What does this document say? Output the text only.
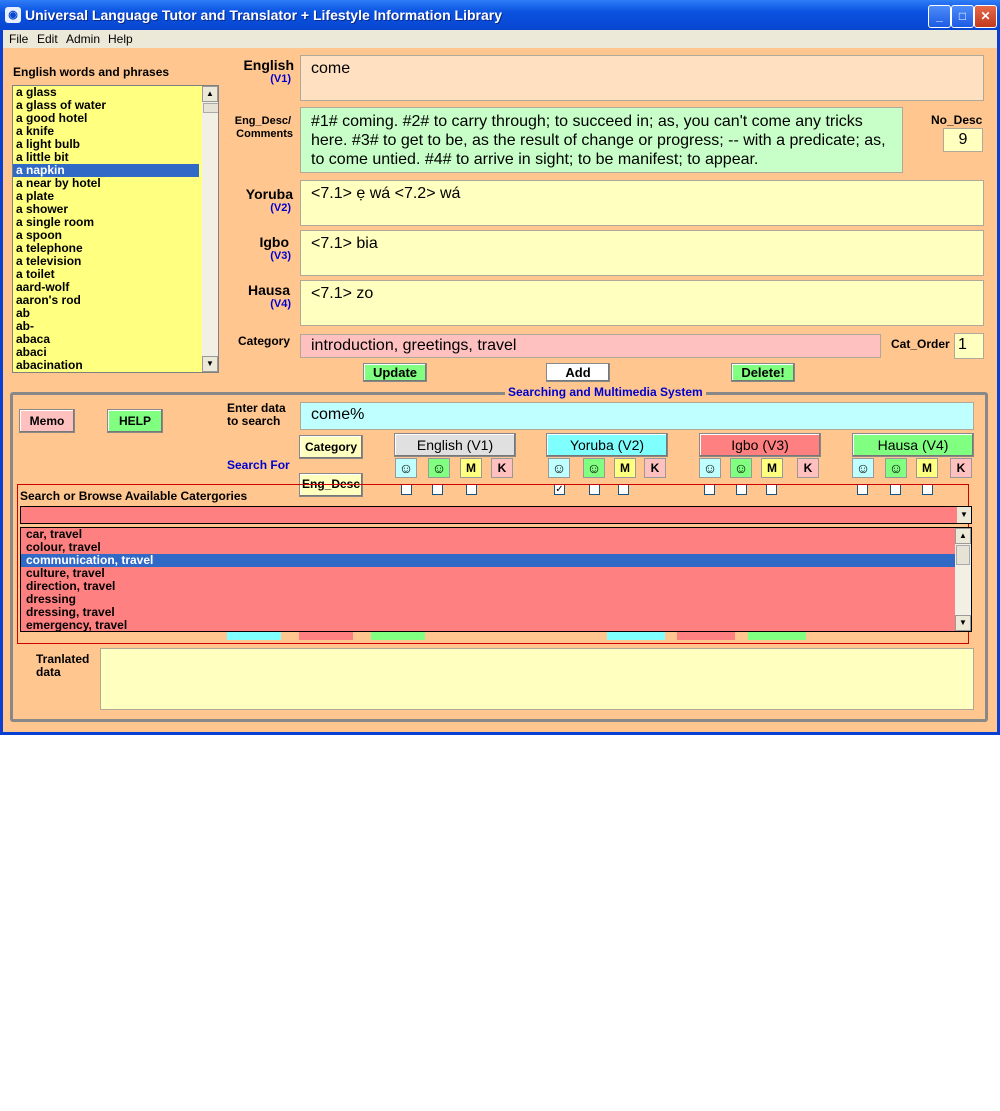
◉ Universal Language Tutor and Translator + Lifestyle Information Library	_	□	✕
File Edit Admin Help
English words and phrases
a glass
a glass of water
a good hotel
a knife
a light bulb
a little bit
a napkin
a near by hotel
a plate
a shower
a single room
a spoon
a telephone
a television
a toilet
aard-wolf
aaron's rod
ab
ab-
abaca
abaci
abacination
▲
▼
English
(V1)
come
Eng_Desc/
Comments
#1# coming. #2# to carry through; to succeed in; as, you can't come any tricks here. #3# to get to be, as the result of change or progress; -- with a predicate; as, to come untied. #4# to arrive in sight; to be manifest; to appear.
No_Desc
9
Yoruba
(V2)
<7.1> ẹ wá <7.2> wá
Igbo
(V3)
<7.1> bia
Hausa
(V4)
<7.1> zo
Category	introduction, greetings, travel	Cat_Order 1
Update	Add	Delete!
Searching and Multimedia System
Memo	HELP
Enter data
to search	come%
Search For
Category
Eng_Desc
English (V1)	Yoruba (V2)	Igbo (V3)	Hausa (V4)
☺ ☺	M	K	☺ ☺	M	K	☺ ☺	M	K	☺ ☺	M	K
✓
Search or Browse Available Catergories
▼
car, travel
colour, travel
communication, travel
culture, travel
direction, travel
dressing
dressing, travel
emergency, travel
▲
▼
Tranlated
data
